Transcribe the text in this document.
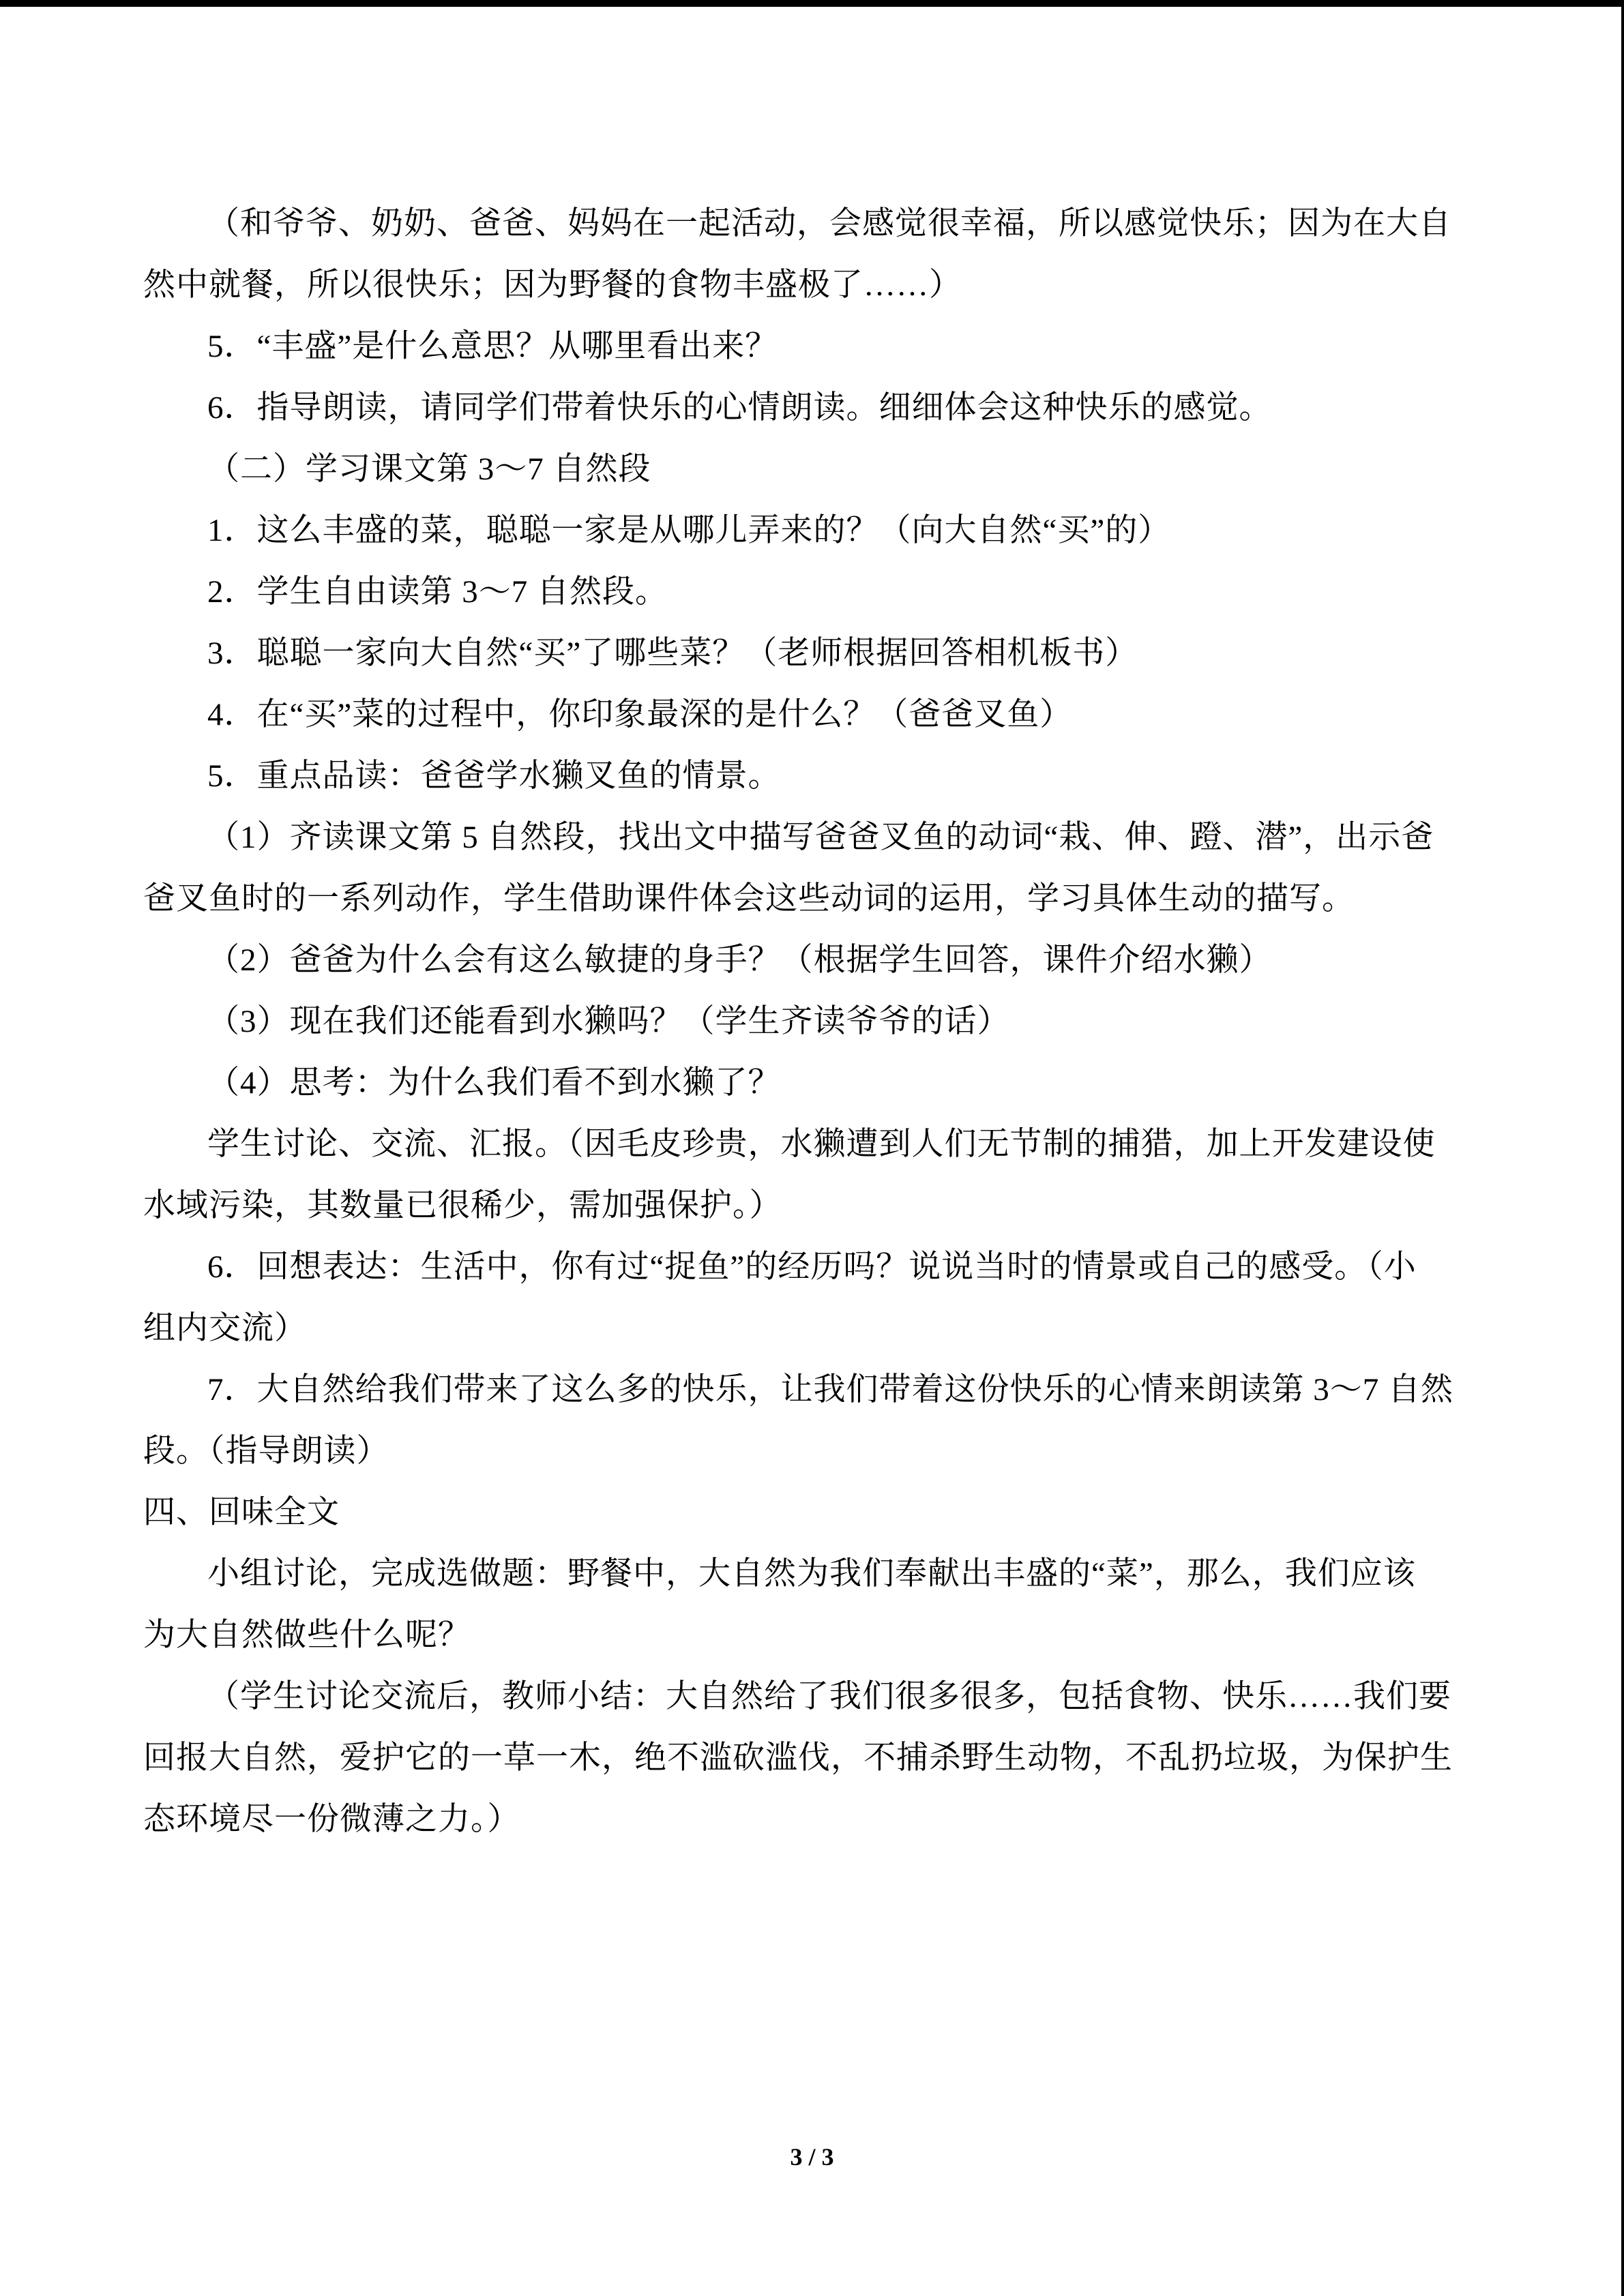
（和爷爷、奶奶、爸爸、妈妈在一起活动，会感觉很幸福，所以感觉快乐；因为在大自
然中就餐，所以很快乐；因为野餐的食物丰盛极了……）
5．“丰盛”是什么意思？从哪里看出来？
6．指导朗读，请同学们带着快乐的心情朗读。细细体会这种快乐的感觉。
（二）学习课文第 3～7 自然段
1．这么丰盛的菜，聪聪一家是从哪儿弄来的？（向大自然“买”的）
2．学生自由读第 3～7 自然段。
3．聪聪一家向大自然“买”了哪些菜？（老师根据回答相机板书）
4．在“买”菜的过程中，你印象最深的是什么？（爸爸叉鱼）
5．重点品读：爸爸学水獭叉鱼的情景。
（1）齐读课文第 5 自然段，找出文中描写爸爸叉鱼的动词“栽、伸、蹬、潜”，出示爸
爸叉鱼时的一系列动作，学生借助课件体会这些动词的运用，学习具体生动的描写。
（2）爸爸为什么会有这么敏捷的身手？（根据学生回答，课件介绍水獭）
（3）现在我们还能看到水獭吗？（学生齐读爷爷的话）
（4）思考：为什么我们看不到水獭了？
学生讨论、交流、汇报。（因毛皮珍贵，水獭遭到人们无节制的捕猎，加上开发建设使
水域污染，其数量已很稀少，需加强保护。）
6．回想表达：生活中，你有过“捉鱼”的经历吗？说说当时的情景或自己的感受。（小
组内交流）
7．大自然给我们带来了这么多的快乐，让我们带着这份快乐的心情来朗读第 3～7 自然
段。（指导朗读）
四、回味全文
小组讨论，完成选做题：野餐中，大自然为我们奉献出丰盛的“菜”，那么，我们应该
为大自然做些什么呢？
（学生讨论交流后，教师小结：大自然给了我们很多很多，包括食物、快乐……我们要
回报大自然，爱护它的一草一木，绝不滥砍滥伐，不捕杀野生动物，不乱扔垃圾，为保护生
态环境尽一份微薄之力。）
3 / 3
